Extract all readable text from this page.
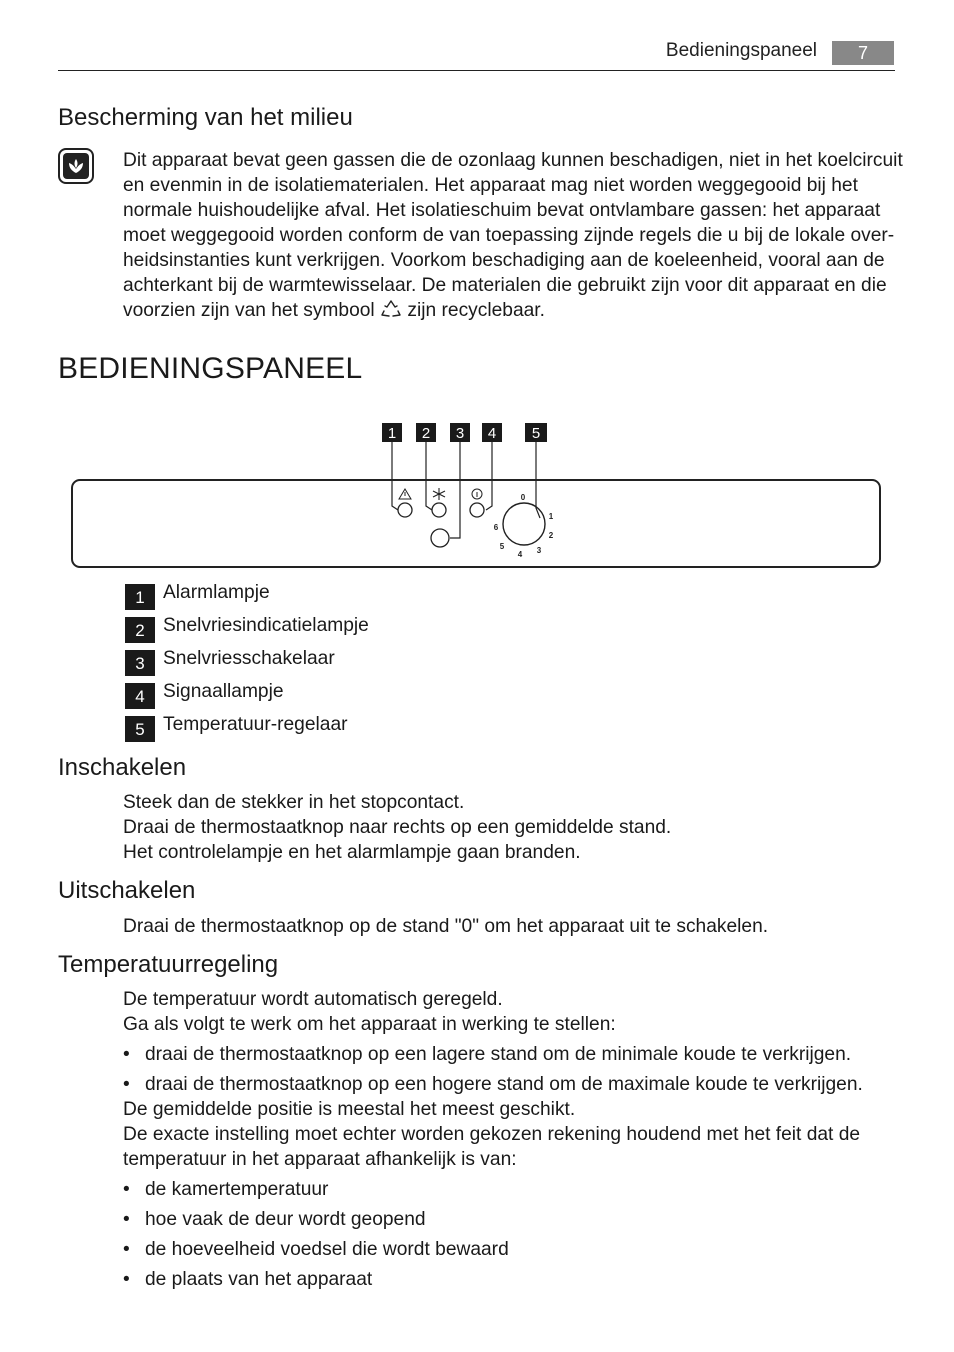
Bedieningspaneel	7
Bescherming van het milieu
Dit apparaat bevat geen gassen die de ozonlaag kunnen beschadigen, niet in het koelcircuit
en evenmin in de isolatiematerialen. Het apparaat mag niet worden weggegooid bij het
normale huishoudelijke afval. Het isolatieschuim bevat ontvlambare gassen: het apparaat
moet weggegooid worden conform de van toepassing zijnde regels die u bij de lokale over-
heidsinstanties kunt verkrijgen. Voorkom beschadiging aan de koeleenheid, vooral aan de
achterkant bij de warmtewisselaar. De materialen die gebruikt zijn voor dit apparaat en die
voorzien zijn van het symbool zijn recyclebaar.
BEDIENINGSPANEEL
1 2 3 4 5
0
1
2
3
4
5
6
1 Alarmlampje
2 Snelvriesindicatielampje
3 Snelvriesschakelaar
4 Signaallampje
5 Temperatuur-regelaar
Inschakelen
Steek dan de stekker in het stopcontact.
Draai de thermostaatknop naar rechts op een gemiddelde stand.
Het controlelampje en het alarmlampje gaan branden.
Uitschakelen
Draai de thermostaatknop op de stand "0" om het apparaat uit te schakelen.
Temperatuurregeling
De temperatuur wordt automatisch geregeld.
Ga als volgt te werk om het apparaat in werking te stellen:
• draai de thermostaatknop op een lagere stand om de minimale koude te verkrijgen.
• draai de thermostaatknop op een hogere stand om de maximale koude te verkrijgen.
De gemiddelde positie is meestal het meest geschikt.
De exacte instelling moet echter worden gekozen rekening houdend met het feit dat de
temperatuur in het apparaat afhankelijk is van:
• de kamertemperatuur
• hoe vaak de deur wordt geopend
• de hoeveelheid voedsel die wordt bewaard
• de plaats van het apparaat
